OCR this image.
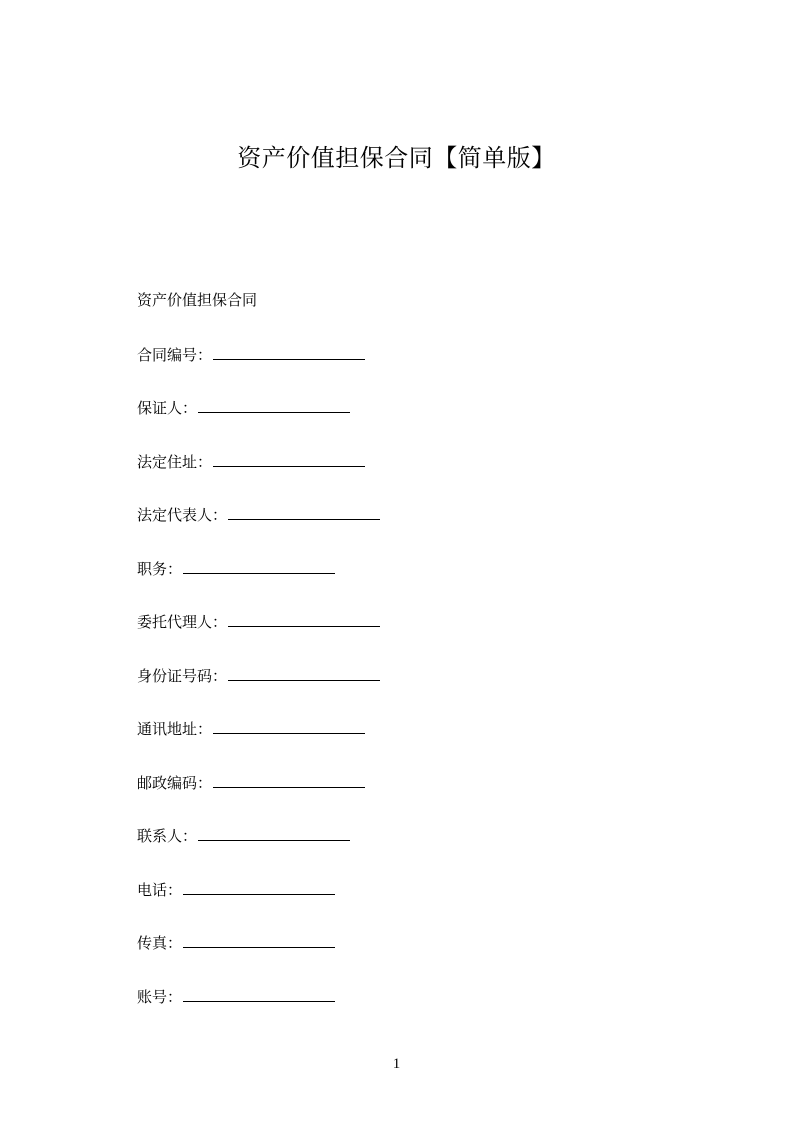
资产价值担保合同【简单版】
资产价值担保合同
合同编号：
保证人：
法定住址：
法定代表人：
职务：
委托代理人：
身份证号码：
通讯地址：
邮政编码：
联系人：
电话：
传真：
账号：
1
